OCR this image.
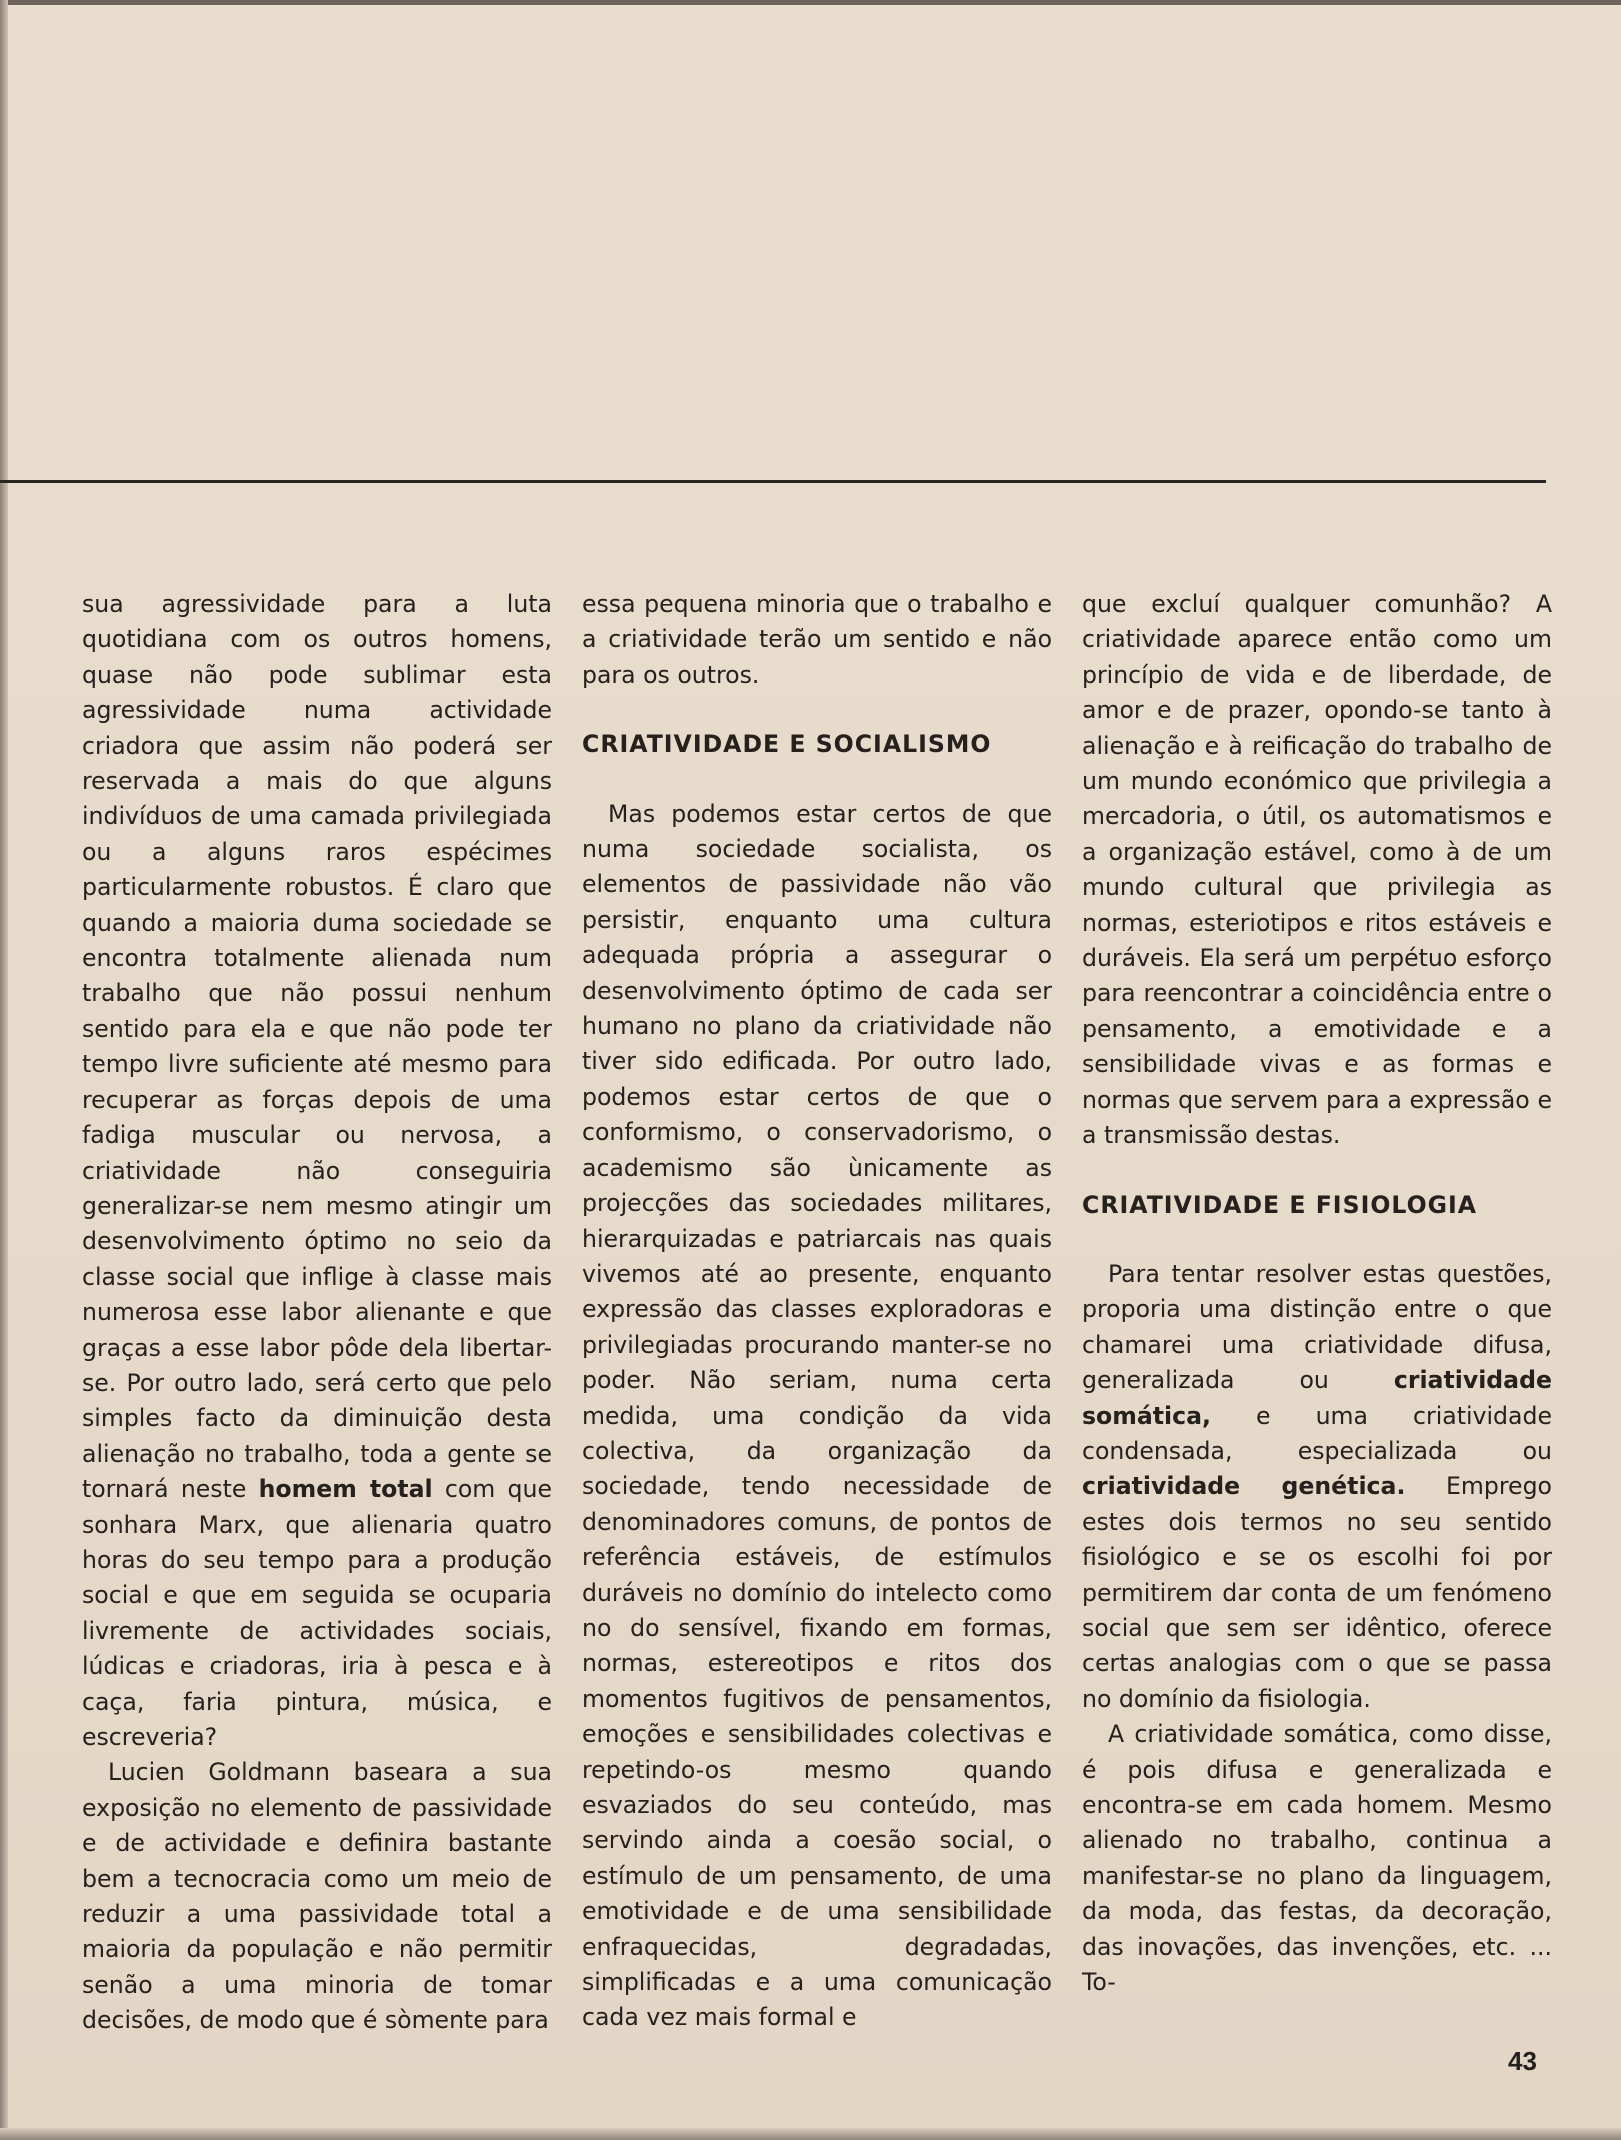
sua agressividade para a luta quotidiana com os outros homens, quase não pode sublimar esta agressividade numa actividade criadora que assim não poderá ser reservada a mais do que alguns indivíduos de uma camada privilegiada ou a alguns raros espécimes particularmente robustos. É claro que quando a maioria duma sociedade se encontra totalmente alienada num trabalho que não possui nenhum sentido para ela e que não pode ter tempo livre suficiente até mesmo para recuperar as forças depois de uma fadiga muscular ou nervosa, a criatividade não conseguiria generalizar-se nem mesmo atingir um desenvolvimento óptimo no seio da classe social que inflige à classe mais numerosa esse labor alienante e que graças a esse labor pôde dela libertar-se. Por outro lado, será certo que pelo simples facto da diminuição desta alienação no trabalho, toda a gente se tornará neste homem total com que sonhara Marx, que alienaria quatro horas do seu tempo para a produção social e que em seguida se ocuparia livremente de actividades sociais, lúdicas e criadoras, iria à pesca e à caça, faria pintura, música, e escreveria?

Lucien Goldmann baseara a sua exposição no elemento de passividade e de actividade e definira bastante bem a tecnocracia como um meio de reduzir a uma passividade total a maioria da população e não permitir senão a uma minoria de tomar decisões, de modo que é sòmente para

essa pequena minoria que o trabalho e a criatividade terão um sentido e não para os outros.

CRIATIVIDADE E SOCIALISMO

Mas podemos estar certos de que numa sociedade socialista, os elementos de passividade não vão persistir, enquanto uma cultura adequada própria a assegurar o desenvolvimento óptimo de cada ser humano no plano da criatividade não tiver sido edificada. Por outro lado, podemos estar certos de que o conformismo, o conservadorismo, o academismo são ùnicamente as projecções das sociedades militares, hierarquizadas e patriarcais nas quais vivemos até ao presente, enquanto expressão das classes exploradoras e privilegiadas procurando manter-se no poder. Não seriam, numa certa medida, uma condição da vida colectiva, da organização da sociedade, tendo necessidade de denominadores comuns, de pontos de referência estáveis, de estímulos duráveis no domínio do intelecto como no do sensível, fixando em formas, normas, estereotipos e ritos dos momentos fugitivos de pensamentos, emoções e sensibilidades colectivas e repetindo-os mesmo quando esvaziados do seu conteúdo, mas servindo ainda a coesão social, o estímulo de um pensamento, de uma emotividade e de uma sensibilidade enfraquecidas, degradadas, simplificadas e a uma comunicação cada vez mais formal e

que excluí qualquer comunhão? A criatividade aparece então como um princípio de vida e de liberdade, de amor e de prazer, opondo-se tanto à alienação e à reificação do trabalho de um mundo económico que privilegia a mercadoria, o útil, os automatismos e a organização estável, como à de um mundo cultural que privilegia as normas, esteriotipos e ritos estáveis e duráveis. Ela será um perpétuo esforço para reencontrar a coincidência entre o pensamento, a emotividade e a sensibilidade vivas e as formas e normas que servem para a expressão e a transmissão destas.

CRIATIVIDADE E FISIOLOGIA

Para tentar resolver estas questões, proporia uma distinção entre o que chamarei uma criatividade difusa, generalizada ou criatividade somática, e uma criatividade condensada, especializada ou criatividade genética. Emprego estes dois termos no seu sentido fisiológico e se os escolhi foi por permitirem dar conta de um fenómeno social que sem ser idêntico, oferece certas analogias com o que se passa no domínio da fisiologia.

A criatividade somática, como disse, é pois difusa e generalizada e encontra-se em cada homem. Mesmo alienado no trabalho, continua a manifestar-se no plano da linguagem, da moda, das festas, da decoração, das inovações, das invenções, etc. ... To-

43
